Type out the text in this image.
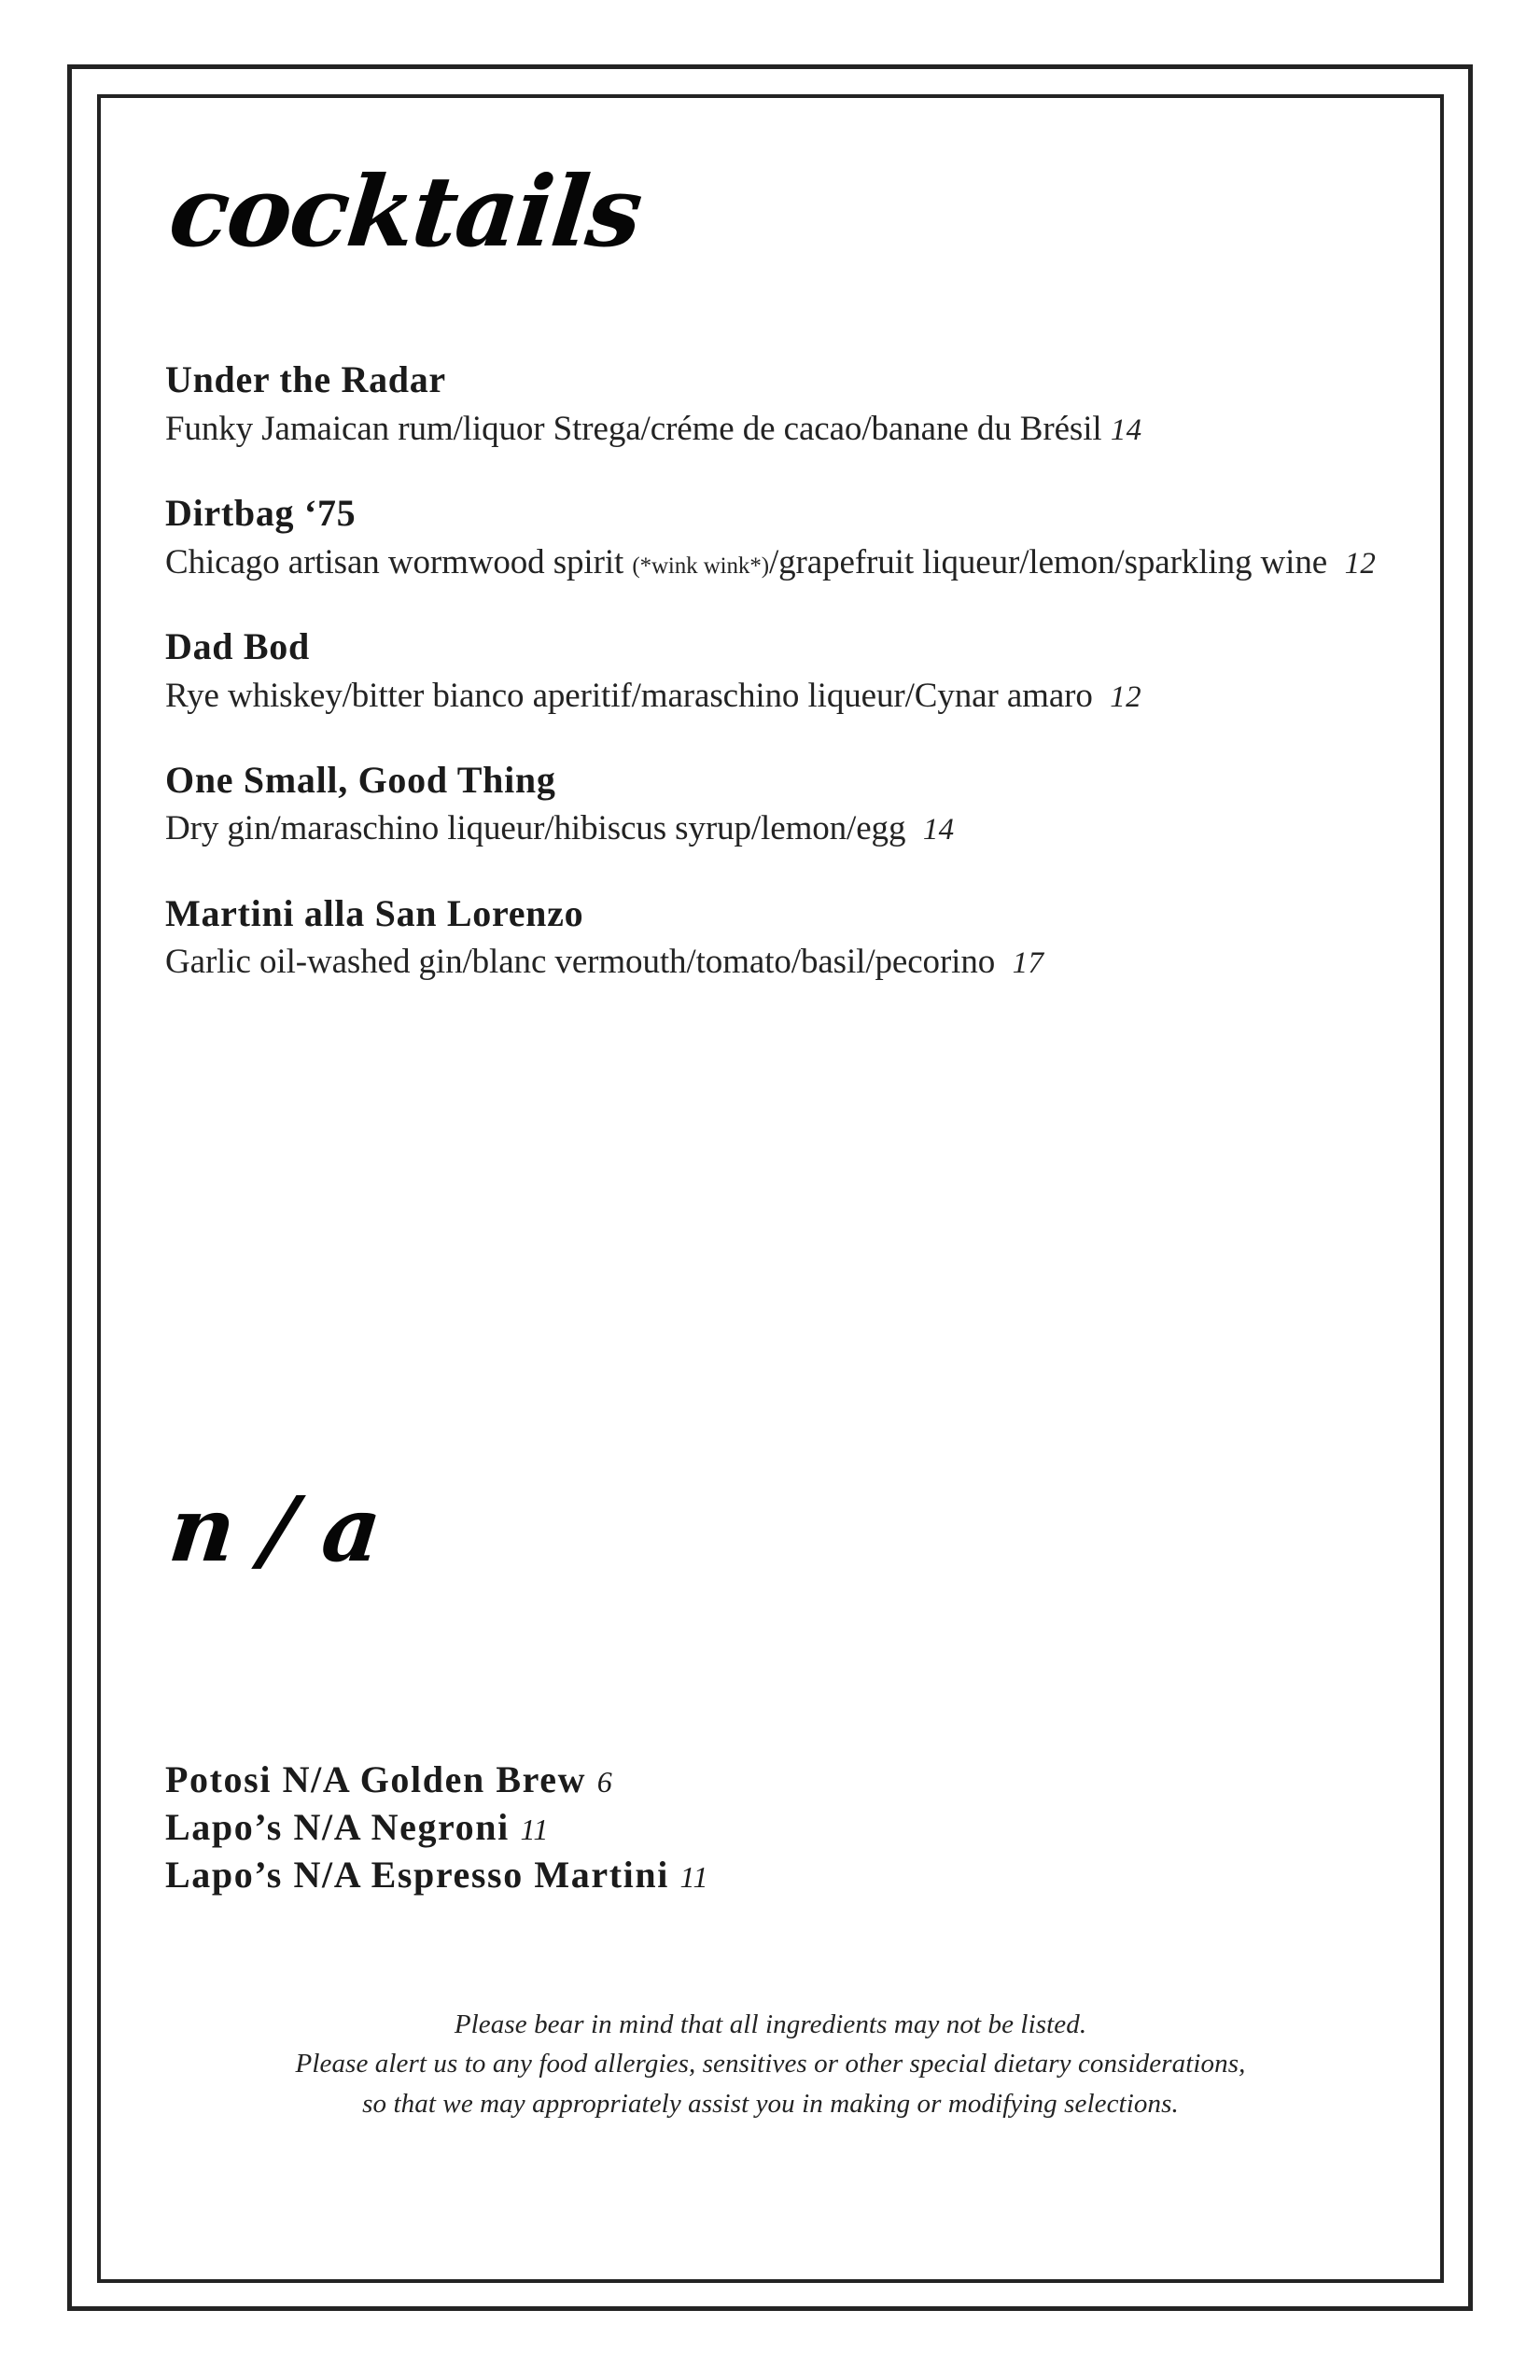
cocktails

Under the Radar

Funky Jamaican rum/liquor Strega/créme de cacao/banane du Brésil 14

Dirtbag ‘75

Chicago artisan wormwood spirit (*wink wink*)/grapefruit liqueur/lemon/sparkling wine 12

Dad Bod

Rye whiskey/bitter bianco aperitif/maraschino liqueur/Cynar amaro 12

One Small, Good Thing

Dry gin/maraschino liqueur/hibiscus syrup/lemon/egg 14

Martini alla San Lorenzo

Garlic oil-washed gin/blanc vermouth/tomato/basil/pecorino 17

n / a

Potosi N/A Golden Brew 6

Lapo’s N/A Negroni 11

Lapo’s N/A Espresso Martini 11

Please bear in mind that all ingredients may not be listed.

Please alert us to any food allergies, sensitives or other special dietary considerations,

so that we may appropriately assist you in making or modifying selections.
